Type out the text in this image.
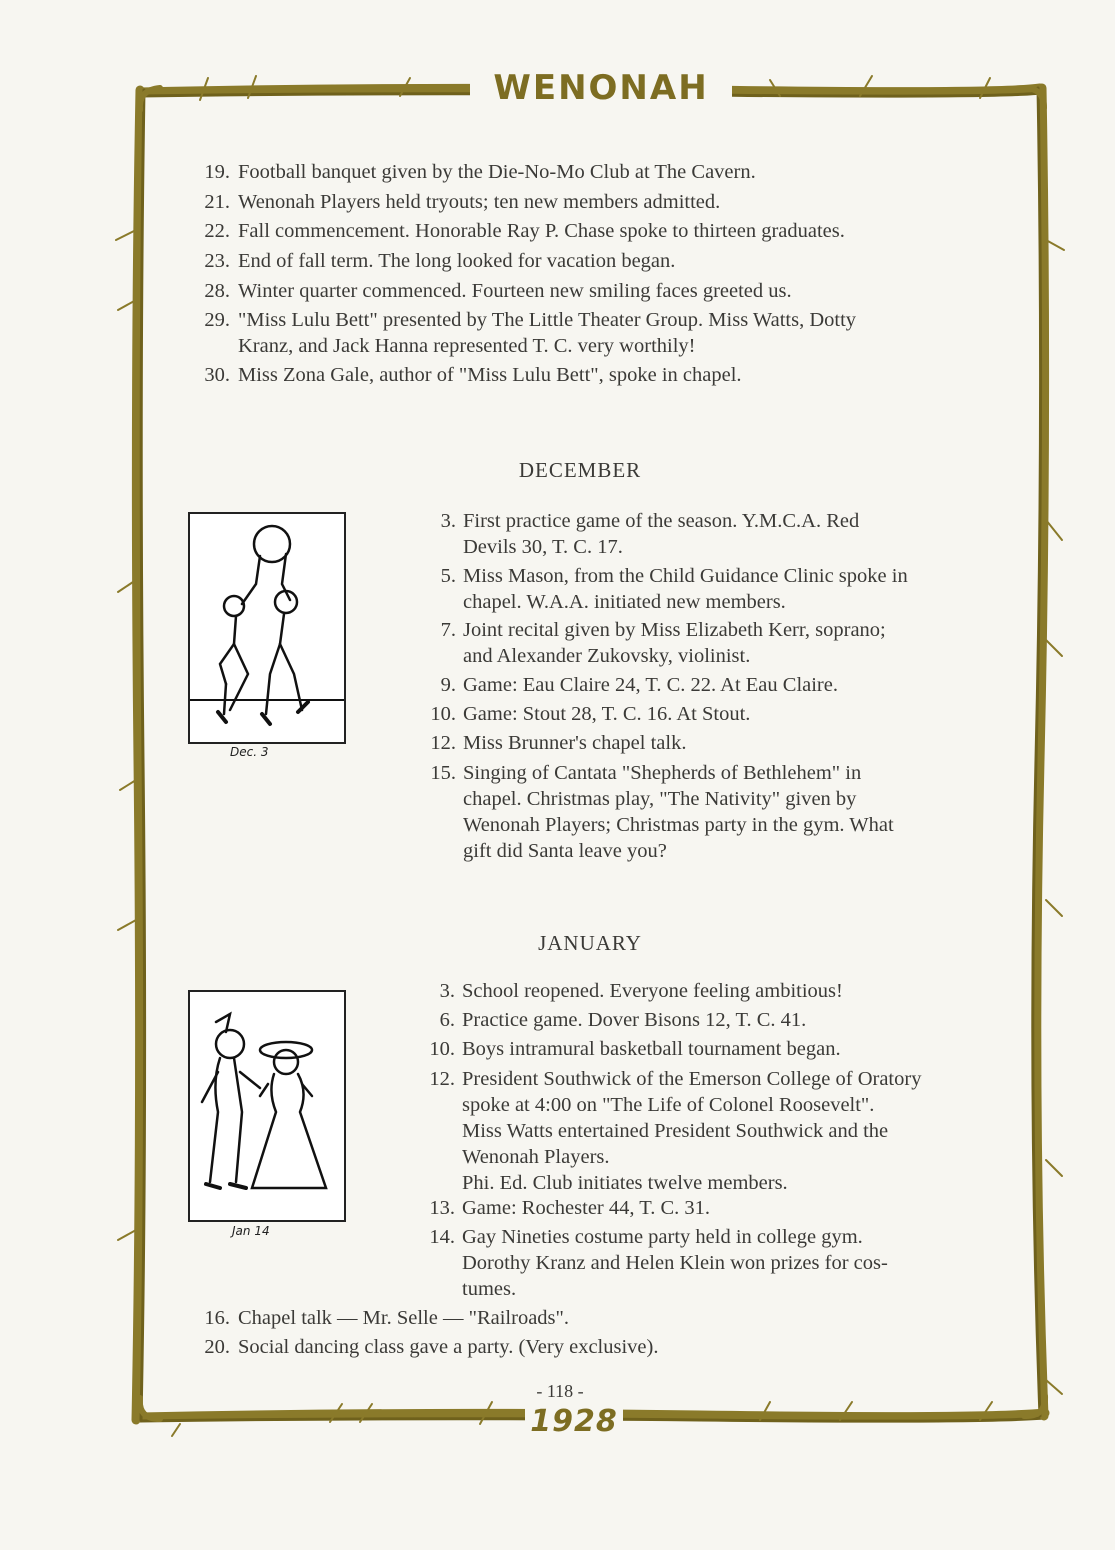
WENONAH
19. Football banquet given by the Die-No-Mo Club at The Cavern.
21. Wenonah Players held tryouts; ten new members admitted.
22. Fall commencement. Honorable Ray P. Chase spoke to thirteen graduates.
23. End of fall term. The long looked for vacation began.
28. Winter quarter commenced. Fourteen new smiling faces greeted us.
29. "Miss Lulu Bett" presented by The Little Theater Group. Miss Watts, Dotty
Kranz, and Jack Hanna represented T. C. very worthily!
30. Miss Zona Gale, author of "Miss Lulu Bett", spoke in chapel.
DECEMBER
Dec. 3
3. First practice game of the season. Y.M.C.A. Red
Devils 30, T. C. 17.
5. Miss Mason, from the Child Guidance Clinic spoke in
chapel. W.A.A. initiated new members.
7. Joint recital given by Miss Elizabeth Kerr, soprano;
and Alexander Zukovsky, violinist.
9. Game: Eau Claire 24, T. C. 22. At Eau Claire.
10. Game: Stout 28, T. C. 16. At Stout.
12. Miss Brunner's chapel talk.
15. Singing of Cantata "Shepherds of Bethlehem" in
chapel. Christmas play, "The Nativity" given by
Wenonah Players; Christmas party in the gym. What
gift did Santa leave you?
JANUARY
Jan 14
3. School reopened. Everyone feeling ambitious!
6. Practice game. Dover Bisons 12, T. C. 41.
10. Boys intramural basketball tournament began.
12. President Southwick of the Emerson College of Oratory
spoke at 4:00 on "The Life of Colonel Roosevelt".
Miss Watts entertained President Southwick and the
Wenonah Players.
Phi. Ed. Club initiates twelve members.
13. Game: Rochester 44, T. C. 31.
14. Gay Nineties costume party held in college gym.
Dorothy Kranz and Helen Klein won prizes for cos-
tumes.
16. Chapel talk — Mr. Selle — "Railroads".
20. Social dancing class gave a party. (Very exclusive).
- 118 -
1928
